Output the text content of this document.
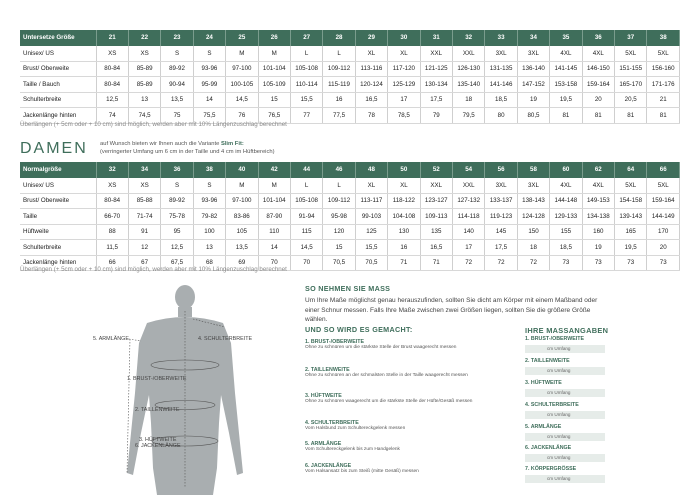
Untersetze Größe	21	22	23	24	25	26	27	28	29	30	31	32	33	34	35	36	37	38
Unisex/ US	XS	XS	S	S	M	M	L	L	XL	XL	XXL	XXL	3XL	3XL	4XL	4XL	5XL	5XL
Brust/ Oberweite	80-84	85-89	89-92	93-96	97-100	101-104	105-108	109-112	113-116	117-120	121-125	126-130	131-135	136-140	141-145	146-150	151-155	156-160
Taille / Bauch	80-84	85-89	90-94	95-99	100-105	105-109	110-114	115-119	120-124	125-129	130-134	135-140	141-146	147-152	153-158	159-164	165-170	171-176
Schulterbreite	12,5	13	13,5	14	14,5	15	15,5	16	16,5	17	17,5	18	18,5	19	19,5	20	20,5	21
Jackenlänge hinten	74	74,5	75	75,5	76	76,5	77	77,5	78	78,5	79	79,5	80	80,5	81	81	81	81
Überlängen (+ 5cm oder + 10 cm) sind möglich, werden aber mit 10% Längenzuschlag berechnet
DAMEN auf Wunsch bieten wir Ihnen auch die Variante Slim Fit:
(verringerter Umfang um 6 cm in der Taille und 4 cm im Hüftbereich)
Normalgröße	32	34	36	38	40	42	44	46	48	50	52	54	56	58	60	62	64	66
Unisex/ US	XS	XS	S	S	M	M	L	L	XL	XL	XXL	XXL	3XL	3XL	4XL	4XL	5XL	5XL
Brust/ Oberweite	80-84	85-88	89-92	93-96	97-100	101-104	105-108	109-112	113-117	118-122	123-127	127-132	133-137	138-143	144-148	149-153	154-158	159-164
Taille	66-70	71-74	75-78	79-82	83-86	87-90	91-94	95-98	99-103	104-108	109-113	114-118	119-123	124-128	129-133	134-138	139-143	144-149
Hüftweite	88	91	95	100	105	110	115	120	125	130	135	140	145	150	155	160	165	170
Schulterbreite	11,5	12	12,5	13	13,5	14	14,5	15	15,5	16	16,5	17	17,5	18	18,5	19	19,5	20
Jackenlänge hinten	66	67	67,5	68	69	70	70	70,5	70,5	71	71	72	72	72	73	73	73	73
Überlängen (+ 5cm oder + 10 cm) sind möglich, werden aber mit 10% Längenzuschlag berechnet
5. ARMLÄNGE	4. SCHULTERBREITE
1. BRUST-/OBERWEITE
2. TAILLENWEITE
3. HÜFTWEITE
6. JACKENLÄNGE
SO NEHMEN SIE MASS
Um Ihre Maße möglichst genau herauszufinden, sollten Sie dicht am Körper mit einem Maßband oder einer Schnur messen. Falls Ihre Maße zwischen zwei Größen liegen, sollten Sie die größere Größe wählen.
UND SO WIRD ES GEMACHT:
1. BRUST-/OBERWEITE
Ohne zu schnüren um die stärkste Stelle der Brust waagerecht messen
2. TAILLENWEITE
Ohne zu schnüren an der schmalsten Stelle in der Taille waagerecht messen
3. HÜFTWEITE
Ohne zu schnüren waagerecht um die stärkste Stelle der Hüfte/Gesäß messen
4. SCHULTERBREITE
Vom Halsbund zum Schultereckgelenk messen
5. ARMLÄNGE
Vom Schultereckgelenk bis zum Handgelenk
6. JACKENLÄNGE
Vom Halsansatz bis zum Steiß (mitte Gesäß) messen
IHRE MASSANGABEN
1. BRUST-/OBERWEITE
cm Umfang
2. TAILLENWEITE
cm Umfang
3. HÜFTWEITE
cm Umfang
4. SCHULTERBREITE
cm Umfang
5. ARMLÄNGE
cm Umfang
6. JACKENLÄNGE
cm Umfang
7. KÖRPERGRÖSSE
cm Umfang
